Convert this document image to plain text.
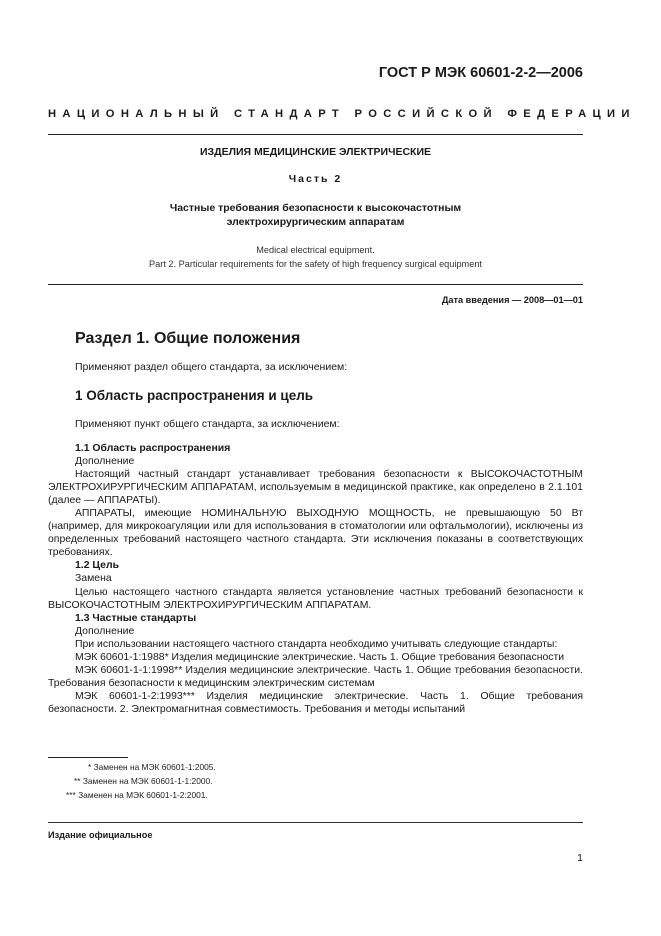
ГОСТ Р МЭК 60601-2-2—2006
НАЦИОНАЛЬНЫЙ СТАНДАРТ РОССИЙСКОЙ ФЕДЕРАЦИИ
ИЗДЕЛИЯ МЕДИЦИНСКИЕ ЭЛЕКТРИЧЕСКИЕ
Часть 2
Частные требования безопасности к высокочастотным
электрохирургическим аппаратам
Medical electrical equipment.
Part 2. Particular requirements for the safety of high frequency surgical equipment
Дата введения — 2008—01—01
Раздел 1. Общие положения
Применяют раздел общего стандарта, за исключением:
1 Область распространения и цель
Применяют пункт общего стандарта, за исключением:

1.1 Область распространения

Дополнение

Настоящий частный стандарт устанавливает требования безопасности к ВЫСОКОЧАСТОТНЫМ ЭЛЕКТРОХИРУРГИЧЕСКИМ АППАРАТАМ, используемым в медицинской практике, как определено в 2.1.101 (далее — АППАРАТЫ).

АППАРАТЫ, имеющие НОМИНАЛЬНУЮ ВЫХОДНУЮ МОЩНОСТЬ, не превышающую 50 Вт (например, для микрокоагуляции или для использования в стоматологии или офтальмологии), исключены из определенных требований настоящего частного стандарта. Эти исключения показаны в соответствующих требованиях.

1.2 Цель

Замена

Целью настоящего частного стандарта является установление частных требований безопасности к ВЫСОКОЧАСТОТНЫМ ЭЛЕКТРОХИРУРГИЧЕСКИМ АППАРАТАМ.

1.3 Частные стандарты

Дополнение

При использовании настоящего частного стандарта необходимо учитывать следующие стандарты:

МЭК 60601-1:1988* Изделия медицинские электрические. Часть 1. Общие требования безопасности

МЭК 60601-1-1:1998** Изделия медицинские электрические. Часть 1. Общие требования безопасности. Требования безопасности к медицинским электрическим системам

МЭК 60601-1-2:1993*** Изделия медицинские электрические. Часть 1. Общие требования безопасности. 2. Электромагнитная совместимость. Требования и методы испытаний

* Заменен на МЭК 60601-1:2005.
** Заменен на МЭК 60601-1-1:2000.
*** Заменен на МЭК 60601-1-2:2001.
Издание официальное
1
